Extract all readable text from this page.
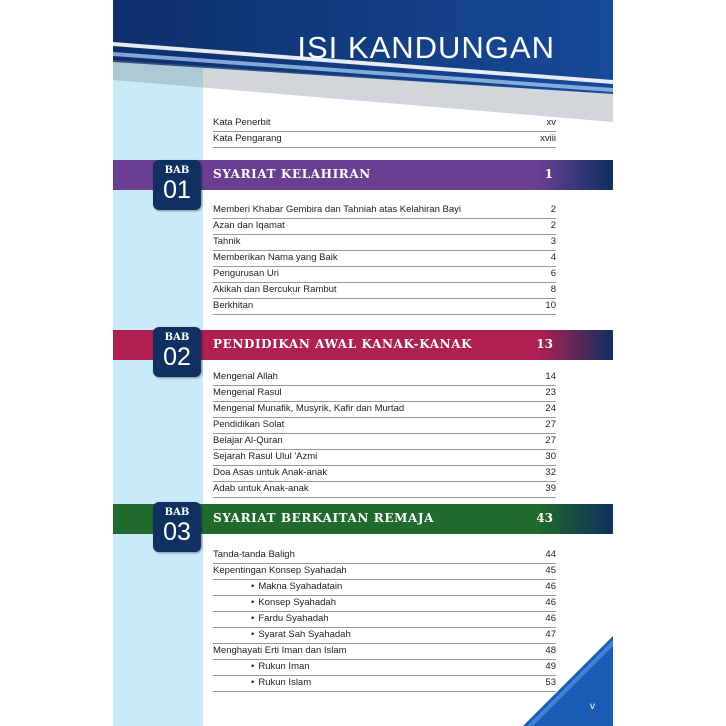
ISI KANDUNGAN
Kata Penerbit	xv
Kata Pengarang	xviii
SYARIAT KELAHIRAN	1
BAB
01
Memberi Khabar Gembira dan Tahniah atas Kelahiran Bayi	2
Azan dan Iqamat	2
Tahnik	3
Memberikan Nama yang Baik	4
Pengurusan Uri	6
Akikah dan Bercukur Rambut	8
Berkhitan	10
PENDIDIKAN AWAL KANAK-KANAK	13
BAB
02
Mengenal Allah	14
Mengenal Rasul	23
Mengenal Munafik, Musyrik, Kafir dan Murtad	24
Pendidikan Solat	27
Belajar Al-Quran	27
Sejarah Rasul Ulul 'Azmi	30
Doa Asas untuk Anak-anak	32
Adab untuk Anak-anak	39
SYARIAT BERKAITAN REMAJA	43
BAB
03
Tanda-tanda Baligh	44
Kepentingan Konsep Syahadah	45
• Makna Syahadatain	46
• Konsep Syahadah	46
• Fardu Syahadah	46
• Syarat Sah Syahadah	47
Menghayati Erti Iman dan Islam	48
• Rukun Iman	49
• Rukun Islam	53
v
